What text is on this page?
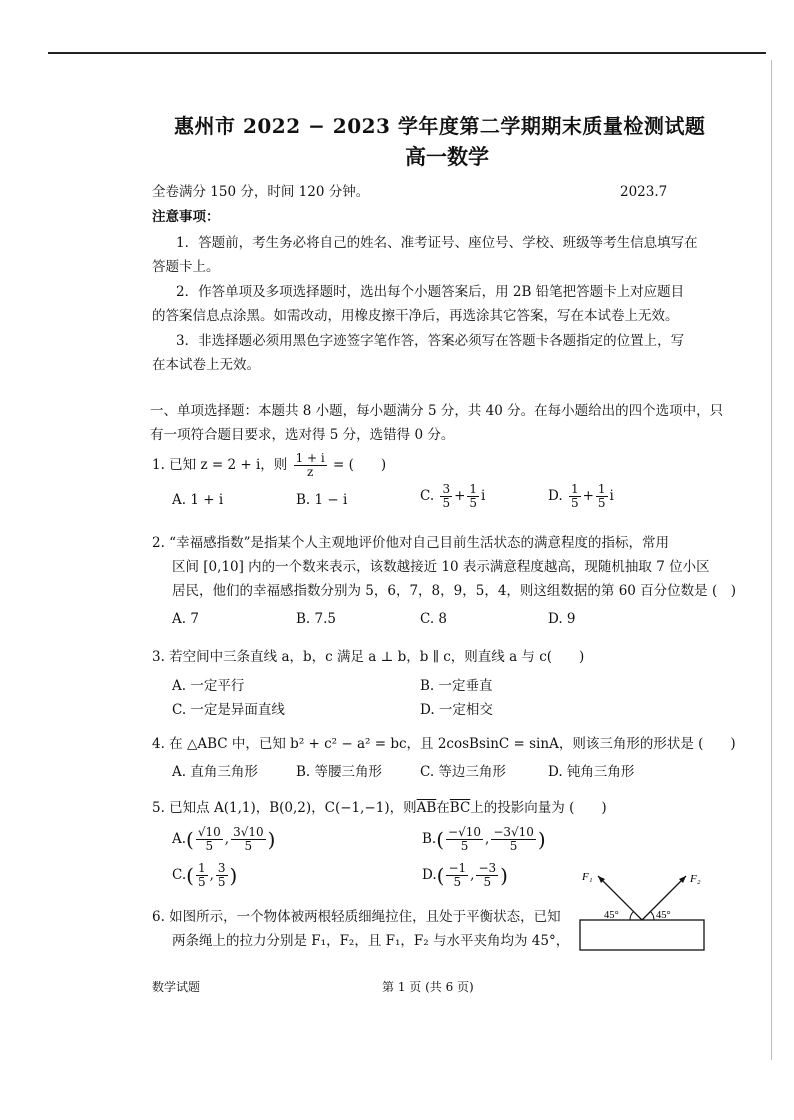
惠州市 2022 − 2023 学年度第二学期期末质量检测试题
高一数学
全卷满分 150 分，时间 120 分钟。	2023.7
注意事项：
1．答题前，考生务必将自己的姓名、准考证号、座位号、学校、班级等考生信息填写在
答题卡上。
2．作答单项及多项选择题时，选出每个小题答案后，用 2B 铅笔把答题卡上对应题目
的答案信息点涂黑。如需改动，用橡皮擦干净后，再选涂其它答案，写在本试卷上无效。
3．非选择题必须用黑色字迹签字笔作答，答案必须写在答题卡各题指定的位置上，写
在本试卷上无效。
一、单项选择题：本题共 8 小题，每小题满分 5 分，共 40 分。在每小题给出的四个选项中，只
有一项符合题目要求，选对得 5 分，选错得 0 分。
1. 已知 z = 2 + i，则 $\frac{1 + i}{z}$ = (　　)
A. 1 + i	B. 1 − i	C. $\frac{3}{5} + \frac{1}{5}$ i	D. $\frac{1}{5} + \frac{1}{5}$ i
2. “幸福感指数”是指某个人主观地评价他对自己目前生活状态的满意程度的指标，常用
区间 [0,10] 内的一个数来表示，该数越接近 10 表示满意程度越高，现随机抽取 7 位小区
居民，他们的幸福感指数分别为 5，6，7，8，9，5，4，则这组数据的第 60 百分位数是 (　)
A. 7	B. 7.5	C. 8	D. 9
3. 若空间中三条直线 a，b，c 满足 a ⊥ b，b ∥ c，则直线 a 与 c(　　)
A. 一定平行	B. 一定垂直
C. 一定是异面直线	D. 一定相交
4. 在 △ABC 中，已知 b² + c² − a² = bc，且 2cosBsinC = sinA，则该三角形的形状是 (　　)
A. 直角三角形	B. 等腰三角形	C. 等边三角形	D. 钝角三角形
5. 已知点 A(1,1)，B(0,2)，C(−1,−1)，则$\overline{AB}$在$\overline{BC}$上的投影向量为 (　　)
$A.( \frac{√10}{5}$ , $\frac{3√10}{5}$ )	$B.( \frac{-√10}{5}$ , $\frac{-3√10}{5}$ )
$C.( \frac{1}{5}$ , $\frac{3}{5}$ )	$D.( \frac{-1}{5}$ , $\frac{-3}{5}$ )
6. 如图所示，一个物体被两根轻质细绳拉住，且处于平衡状态，已知
两条绳上的拉力分别是 F₁，F₂，且 F₁，F₂ 与水平夹角均为 45°，
F₁	F₂
45°	45°
数学试题	第 1 页 (共 6 页)
